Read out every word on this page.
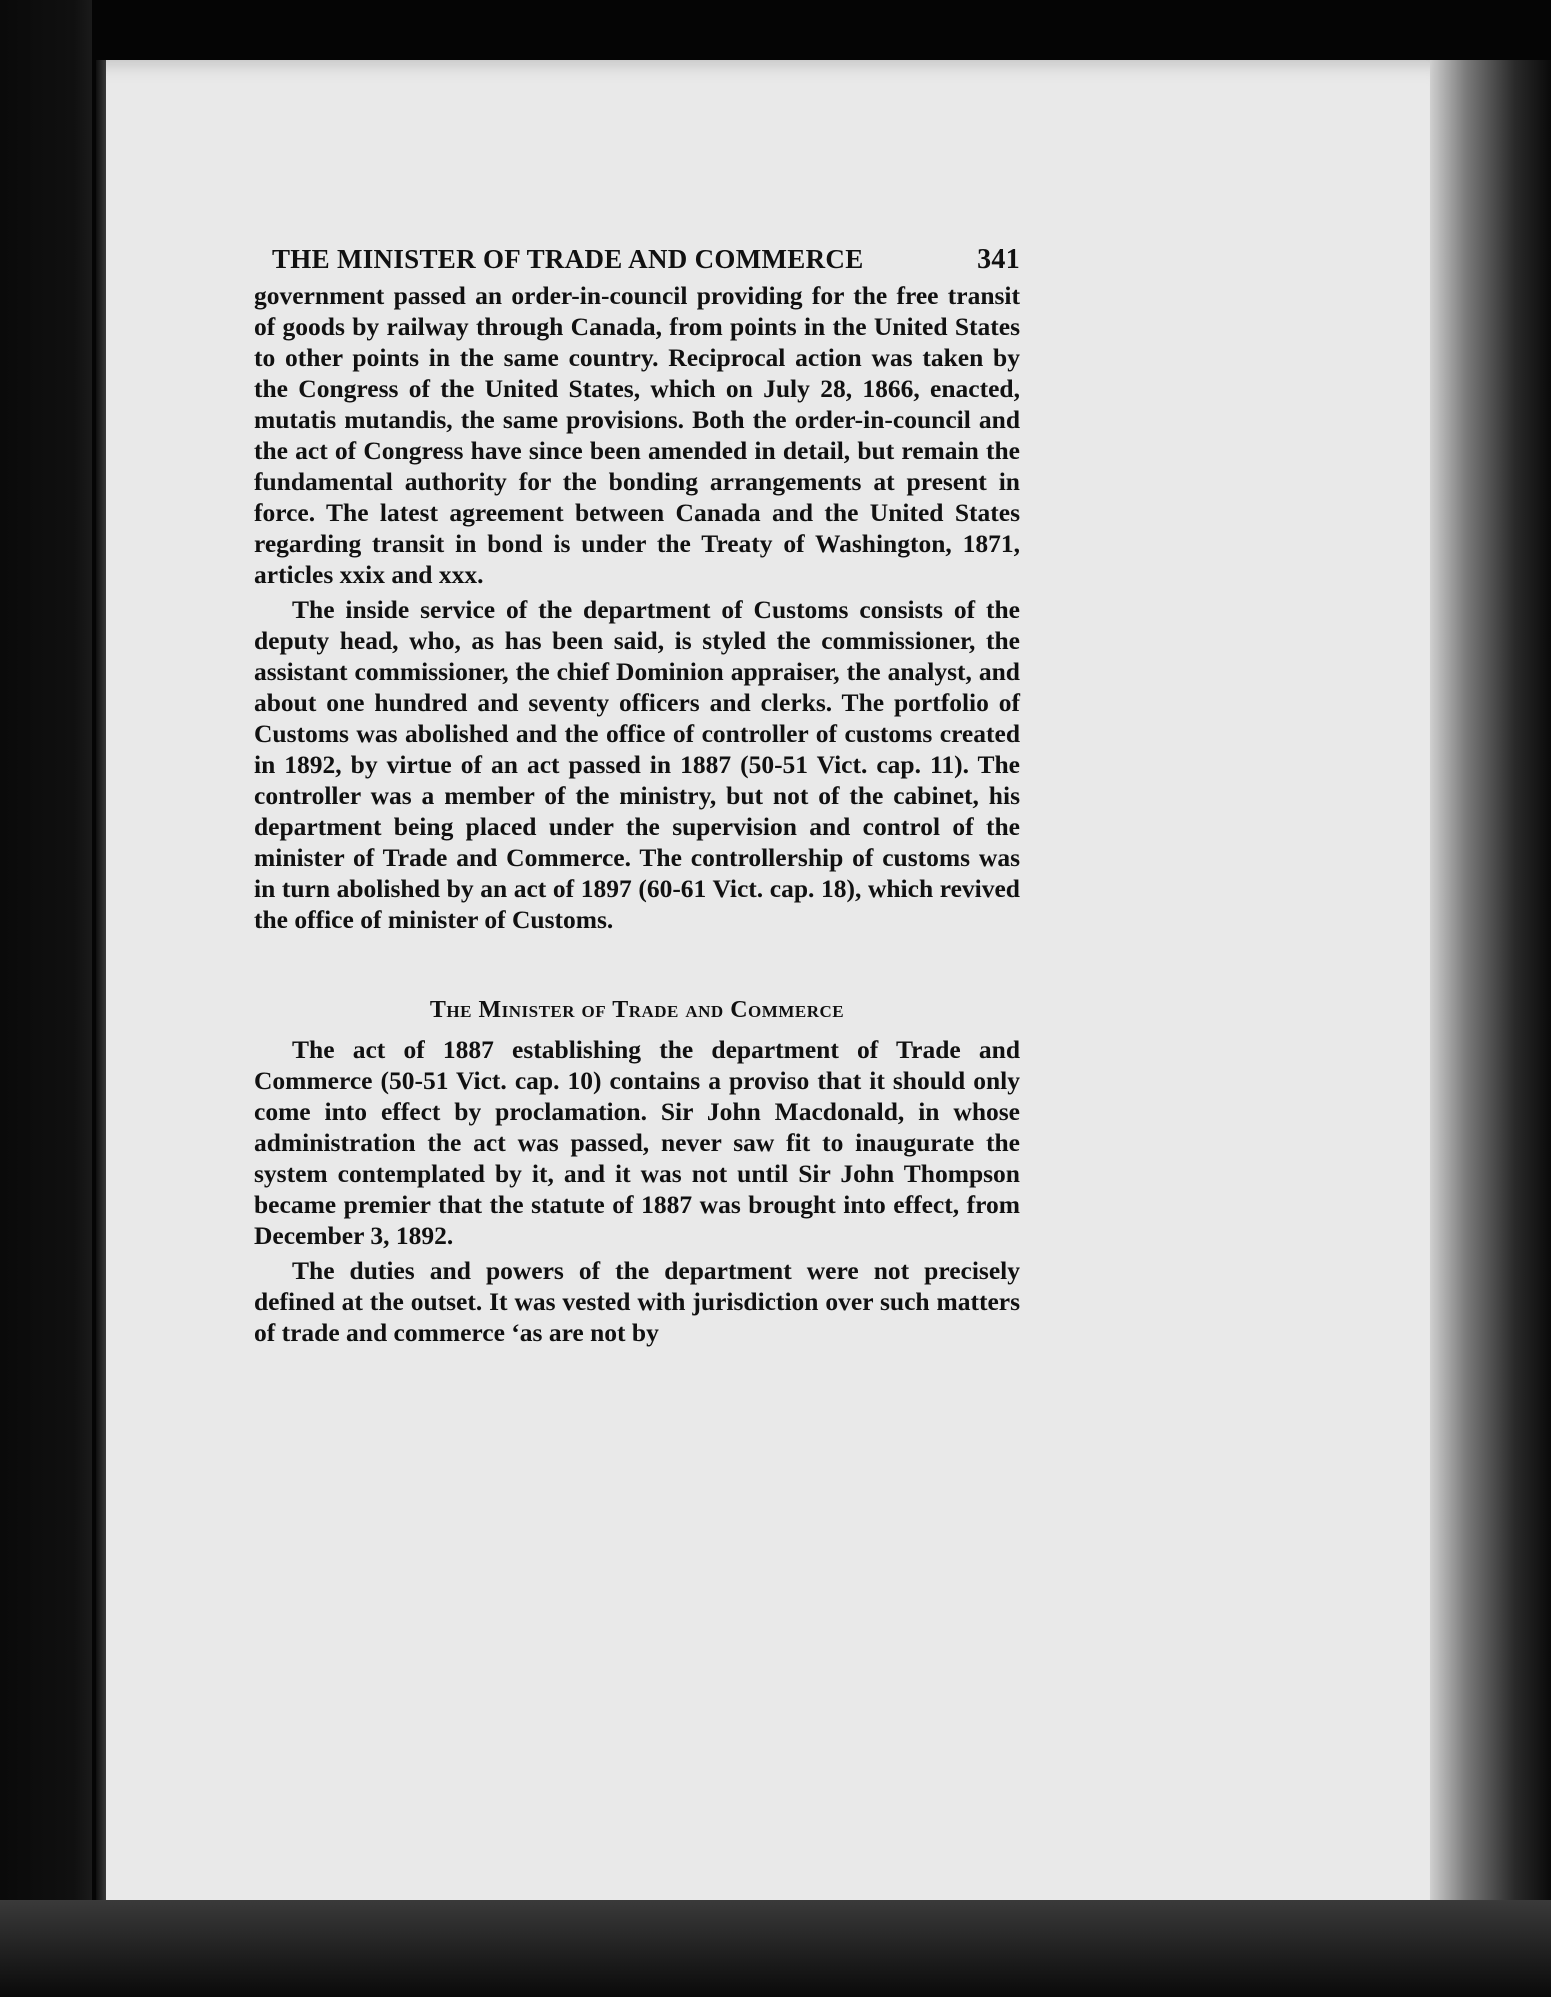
THE MINISTER OF TRADE AND COMMERCE	341

government passed an order-in-council providing for the free transit of goods by railway through Canada, from points in the United States to other points in the same country. Reciprocal action was taken by the Congress of the United States, which on July 28, 1866, enacted, mutatis mutandis, the same provisions. Both the order-in-council and the act of Congress have since been amended in detail, but remain the fundamental authority for the bonding arrangements at present in force. The latest agreement between Canada and the United States regarding transit in bond is under the Treaty of Washington, 1871, articles xxix and xxx.

The inside service of the department of Customs consists of the deputy head, who, as has been said, is styled the commissioner, the assistant commissioner, the chief Dominion appraiser, the analyst, and about one hundred and seventy officers and clerks. The portfolio of Customs was abolished and the office of controller of customs created in 1892, by virtue of an act passed in 1887 (50-51 Vict. cap. 11). The controller was a member of the ministry, but not of the cabinet, his department being placed under the supervision and control of the minister of Trade and Commerce. The controllership of customs was in turn abolished by an act of 1897 (60-61 Vict. cap. 18), which revived the office of minister of Customs.

The Minister of Trade and Commerce

The act of 1887 establishing the department of Trade and Commerce (50-51 Vict. cap. 10) contains a proviso that it should only come into effect by proclamation. Sir John Macdonald, in whose administration the act was passed, never saw fit to inaugurate the system contemplated by it, and it was not until Sir John Thompson became premier that the statute of 1887 was brought into effect, from December 3, 1892.

The duties and powers of the department were not precisely defined at the outset. It was vested with jurisdiction over such matters of trade and commerce ‘as are not by
